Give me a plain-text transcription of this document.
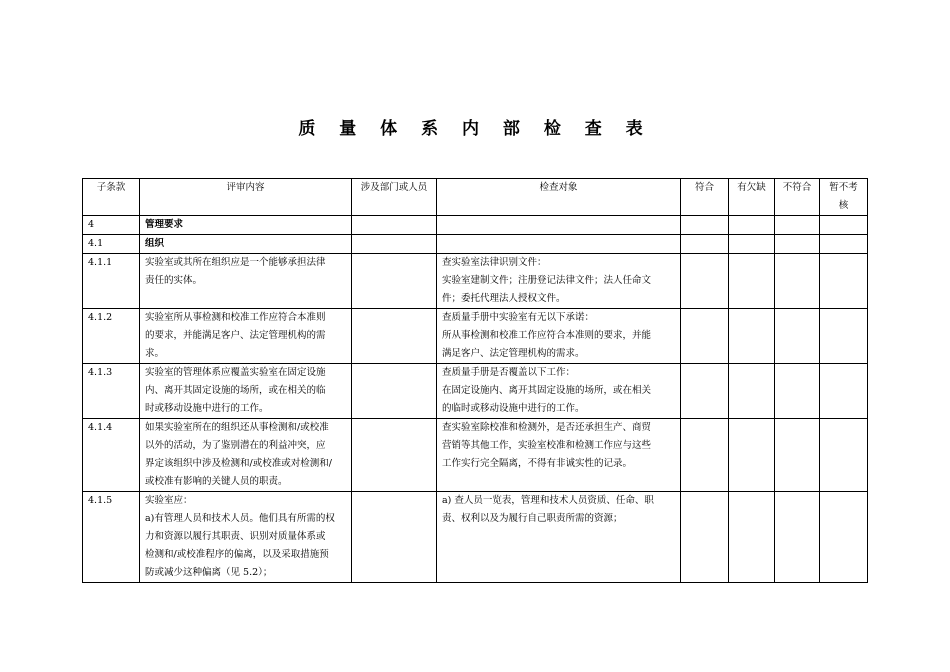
质 量 体 系 内 部 检 查 表
子条款	评审内容	涉及部门或人员	检查对象	符合	有欠缺	不符合	暂不考核
4	管理要求						
4.1	组织						
4.1.1	实验室或其所在组织应是一个能够承担法律
责任的实体。		查实验室法律识别文件：
实验室建制文件；注册登记法律文件；法人任命文
件；委托代理法人授权文件。				

4.1.2	实验室所从事检测和校准工作应符合本准则
的要求，并能满足客户、法定管理机构的需
求。		查质量手册中实验室有无以下承诺：
所从事检测和校准工作应符合本准则的要求，并能
满足客户、法定管理机构的需求。				

4.1.3	实验室的管理体系应覆盖实验室在固定设施
内、离开其固定设施的场所，或在相关的临
时或移动设施中进行的工作。		查质量手册是否覆盖以下工作：
在固定设施内、离开其固定设施的场所，或在相关
的临时或移动设施中进行的工作。				

4.1.4	如果实验室所在的组织还从事检测和/或校准
以外的活动，为了鉴别潜在的利益冲突，应
界定该组织中涉及检测和/或校准或对检测和/
或校准有影响的关键人员的职责。		查实验室除校准和检测外，是否还承担生产、商贸
营销等其他工作，实验室校准和检测工作应与这些
工作实行完全隔离，不得有非诚实性的记录。				

4.1.5	实验室应：
a)有管理人员和技术人员。他们具有所需的权
力和资源以履行其职责、识别对质量体系或
检测和/或校准程序的偏离，以及采取措施预
防或减少这种偏离（见 5.2）；		a) 查人员一览表，管理和技术人员资质、任命、职
责、权利以及为履行自己职责所需的资源；				
